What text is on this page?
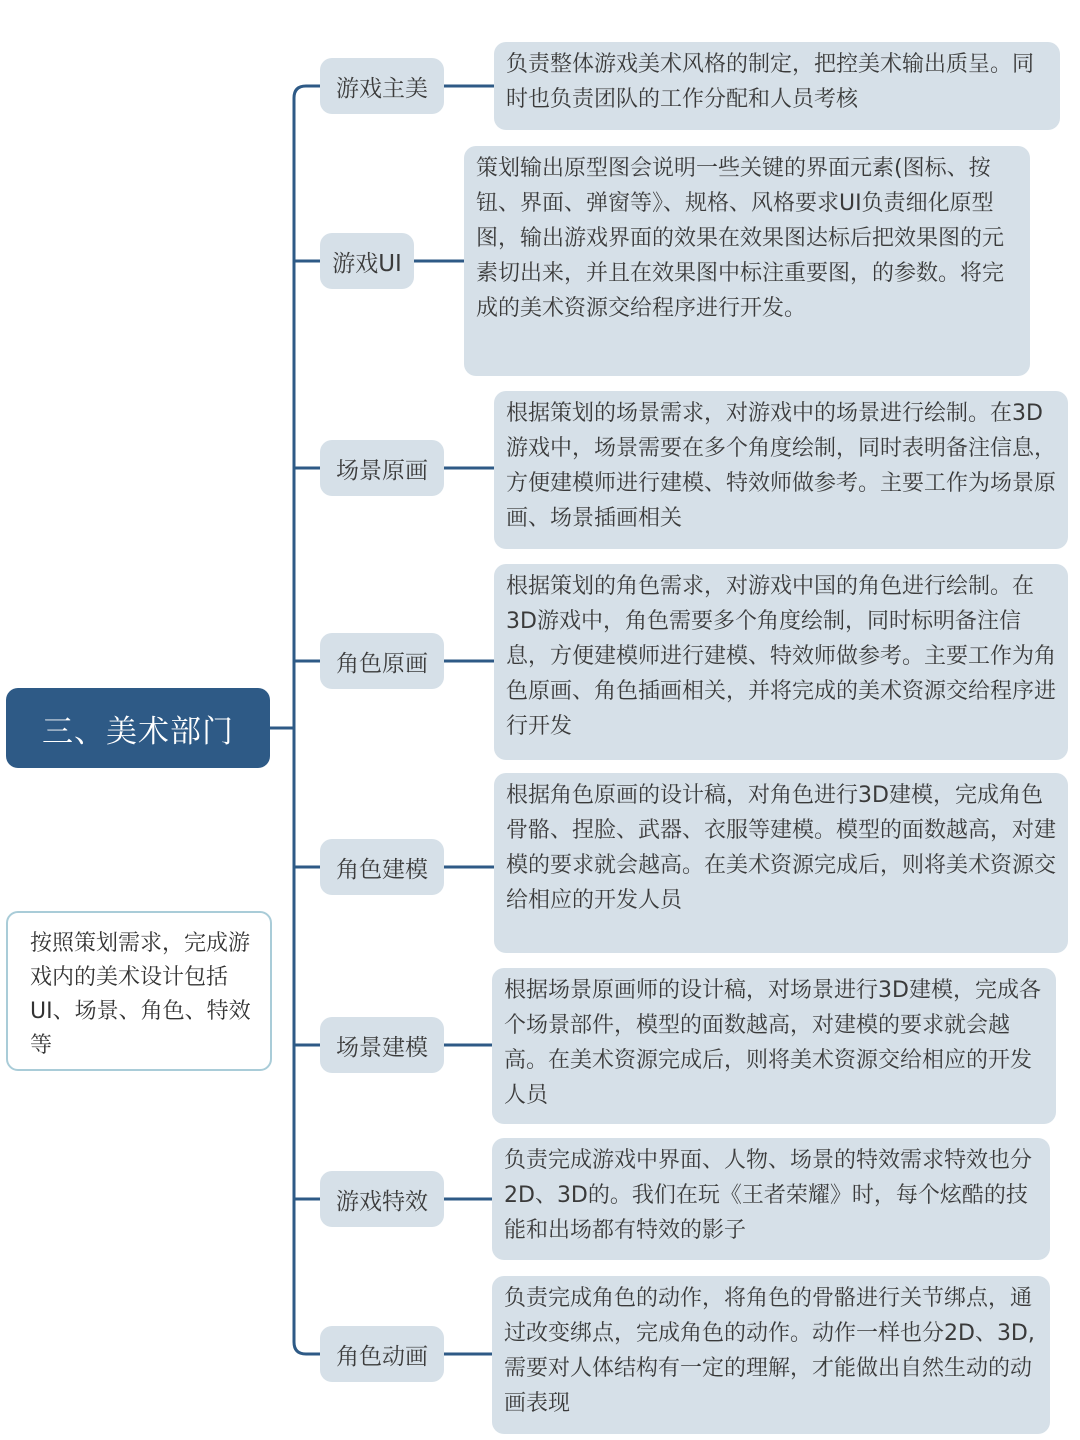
三、美术部门
按照策划需求，完成游戏内的美术设计包括UI、场景、角色、特效等
游戏主美
负责整体游戏美术风格的制定，把控美术输出质呈。同时也负责团队的工作分配和人员考核
游戏UI
策划输出原型图会说明一些关键的界面元素(图标、按钮、界面、弹窗等》、规格、风格要求UI负责细化原型图，输出游戏界面的效果在效果图达标后把效果图的元素切出来，并且在效果图中标注重要图，的参数。将完成的美术资源交给程序进行开发。
场景原画
根据策划的场景需求，对游戏中的场景进行绘制。在3D游戏中，场景需要在多个角度绘制，同时表明备注信息，方便建模师进行建模、特效师做参考。主要工作为场景原画、场景插画相关
角色原画
根据策划的角色需求，对游戏中国的角色进行绘制。在3D游戏中，角色需要多个角度绘制，同时标明备注信息，方便建模师进行建模、特效师做参考。主要工作为角色原画、角色插画相关，并将完成的美术资源交给程序进行开发
角色建模
根据角色原画的设计稿，对角色进行3D建模，完成角色骨骼、捏脸、武器、衣服等建模。模型的面数越高，对建模的要求就会越高。在美术资源完成后，则将美术资源交给相应的开发人员
场景建模
根据场景原画师的设计稿，对场景进行3D建模，完成各个场景部件，模型的面数越高，对建模的要求就会越高。在美术资源完成后，则将美术资源交给相应的开发人员
游戏特效
负责完成游戏中界面、人物、场景的特效需求特效也分2D、3D的。我们在玩《王者荣耀》时，每个炫酷的技能和出场都有特效的影子
角色动画
负责完成角色的动作，将角色的骨骼进行关节绑点，通过改变绑点，完成角色的动作。动作一样也分2D、3D,需要对人体结构有一定的理解，才能做出自然生动的动画表现
